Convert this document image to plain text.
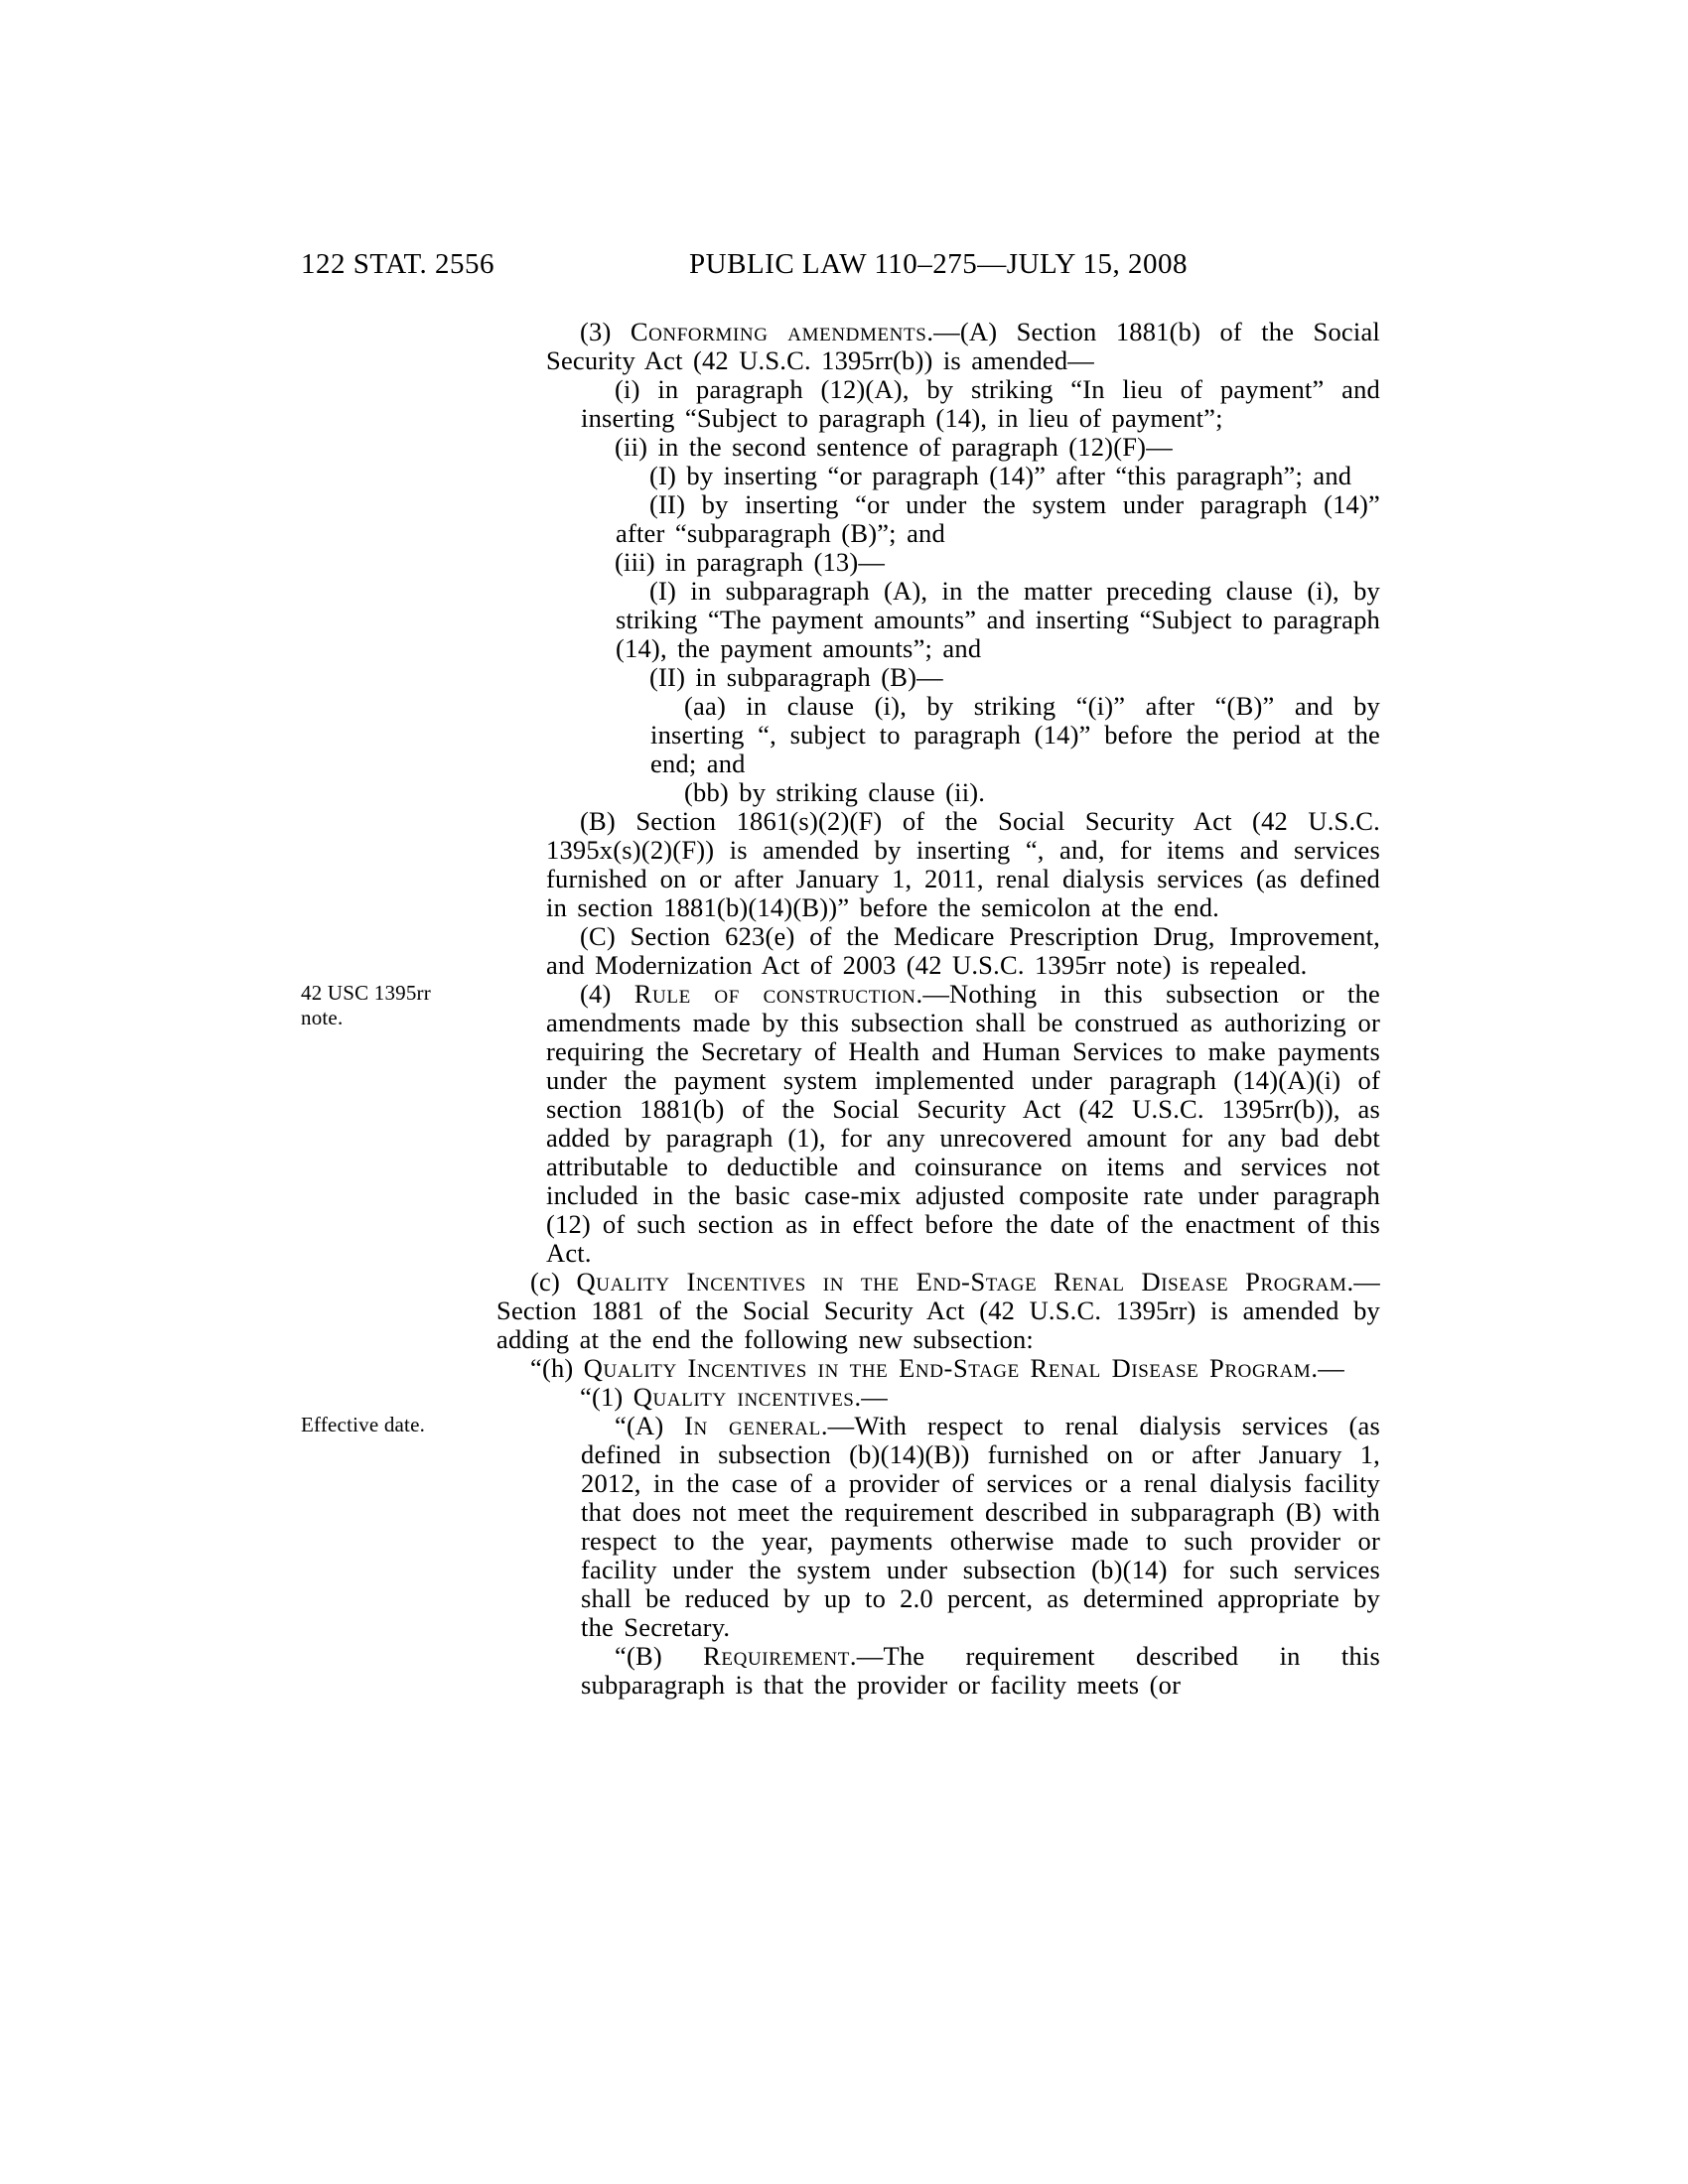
122 STAT. 2556	PUBLIC LAW 110–275—JULY 15, 2008
42 USC 1395rr note.
Effective date.

(3) Conforming amendments.—(A) Section 1881(b) of the Social Security Act (42 U.S.C. 1395rr(b)) is amended—

(i) in paragraph (12)(A), by striking “In lieu of payment” and inserting “Subject to paragraph (14), in lieu of payment”;

(ii) in the second sentence of paragraph (12)(F)—

(I) by inserting “or paragraph (14)” after “this paragraph”; and

(II) by inserting “or under the system under paragraph (14)” after “subparagraph (B)”; and

(iii) in paragraph (13)—

(I) in subparagraph (A), in the matter preceding clause (i), by striking “The payment amounts” and inserting “Subject to paragraph (14), the payment amounts”; and

(II) in subparagraph (B)—

(aa) in clause (i), by striking “(i)” after “(B)” and by inserting “, subject to paragraph (14)” before the period at the end; and

(bb) by striking clause (ii).

(B) Section 1861(s)(2)(F) of the Social Security Act (42 U.S.C. 1395x(s)(2)(F)) is amended by inserting “, and, for items and services furnished on or after January 1, 2011, renal dialysis services (as defined in section 1881(b)(14)(B))” before the semicolon at the end.

(C) Section 623(e) of the Medicare Prescription Drug, Improvement, and Modernization Act of 2003 (42 U.S.C. 1395rr note) is repealed.

(4) Rule of construction.—Nothing in this subsection or the amendments made by this subsection shall be construed as authorizing or requiring the Secretary of Health and Human Services to make payments under the payment system implemented under paragraph (14)(A)(i) of section 1881(b) of the Social Security Act (42 U.S.C. 1395rr(b)), as added by paragraph (1), for any unrecovered amount for any bad debt attributable to deductible and coinsurance on items and services not included in the basic case-mix adjusted composite rate under paragraph (12) of such section as in effect before the date of the enactment of this Act.

(c) Quality Incentives in the End-Stage Renal Disease Program.—Section 1881 of the Social Security Act (42 U.S.C. 1395rr) is amended by adding at the end the following new subsection:

“(h) Quality Incentives in the End-Stage Renal Disease Program.—

“(1) Quality incentives.—

“(A) In general.—With respect to renal dialysis services (as defined in subsection (b)(14)(B)) furnished on or after January 1, 2012, in the case of a provider of services or a renal dialysis facility that does not meet the requirement described in subparagraph (B) with respect to the year, payments otherwise made to such provider or facility under the system under subsection (b)(14) for such services shall be reduced by up to 2.0 percent, as determined appropriate by the Secretary.

“(B) Requirement.—The requirement described in this subparagraph is that the provider or facility meets (or
